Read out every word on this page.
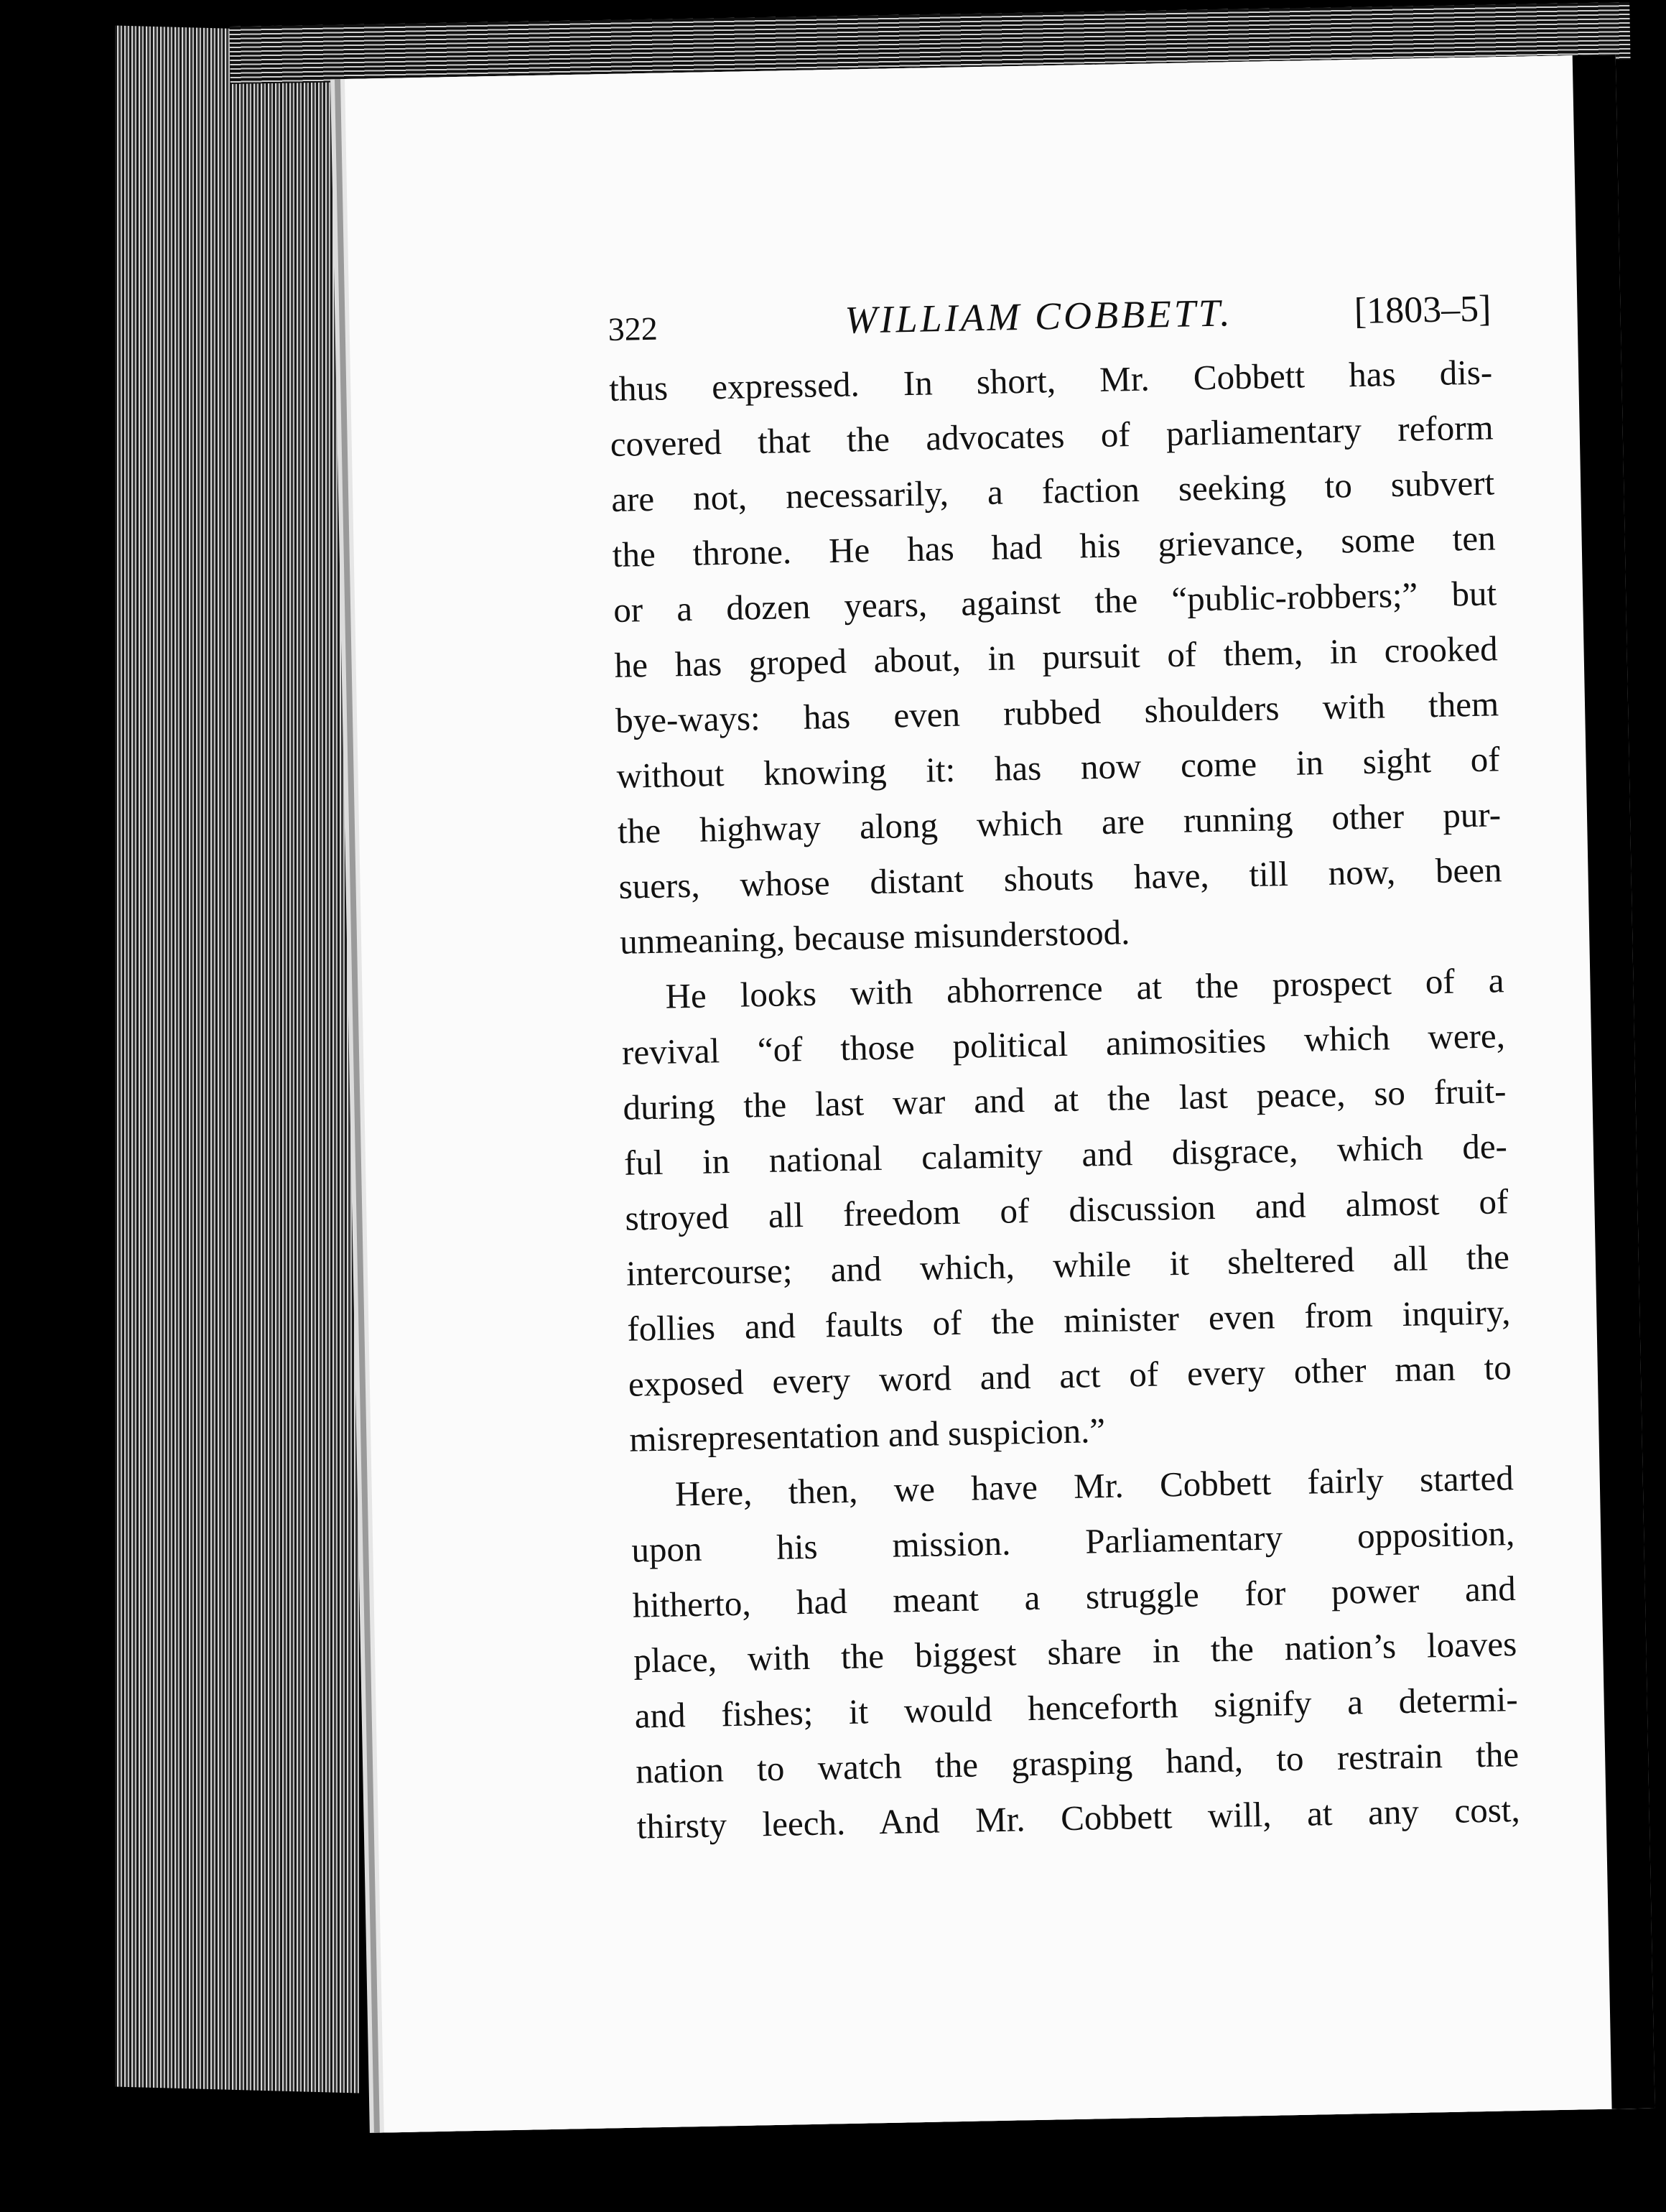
322	WILLIAM COBBETT.	[1803–5]

thus expressed. In short, Mr. Cobbett has dis-
covered that the advocates of parliamentary reform
are not, necessarily, a faction seeking to subvert
the throne. He has had his grievance, some ten
or a dozen years, against the “public-robbers;” but
he has groped about, in pursuit of them, in crooked
bye-ways: has even rubbed shoulders with them
without knowing it: has now come in sight of
the highway along which are running other pur-
suers, whose distant shouts have, till now, been
unmeaning, because misunderstood.

He looks with abhorrence at the prospect of a
revival “of those political animosities which were,
during the last war and at the last peace, so fruit-
ful in national calamity and disgrace, which de-
stroyed all freedom of discussion and almost of
intercourse; and which, while it sheltered all the
follies and faults of the minister even from inquiry,
exposed every word and act of every other man to
misrepresentation and suspicion.”

Here, then, we have Mr. Cobbett fairly started
upon his mission. Parliamentary opposition,
hitherto, had meant a struggle for power and
place, with the biggest share in the nation’s loaves
and fishes; it would henceforth signify a determi-
nation to watch the grasping hand, to restrain the
thirsty leech. And Mr. Cobbett will, at any cost,
